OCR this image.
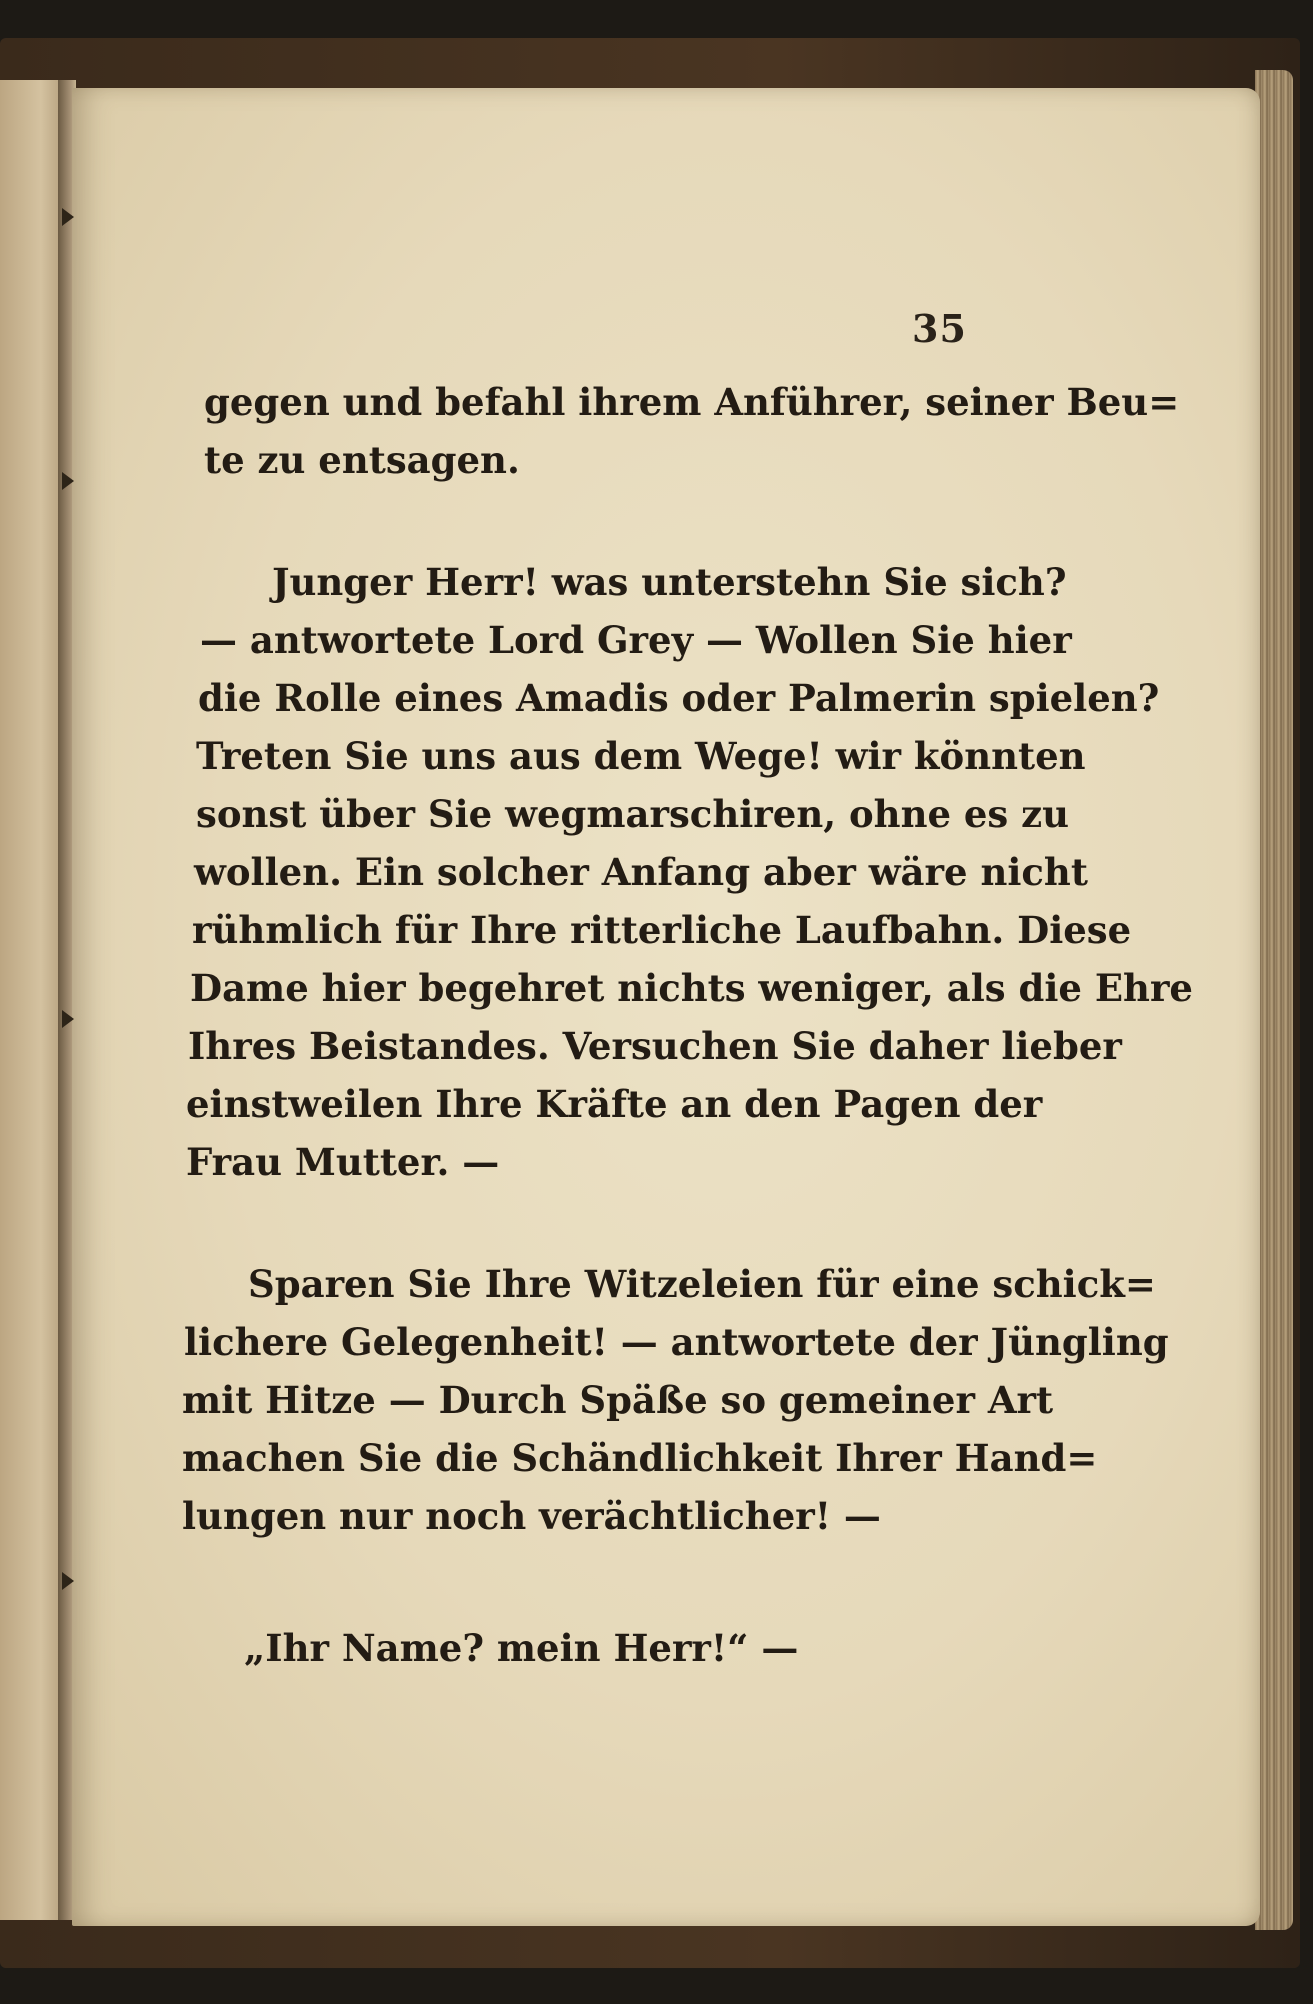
35
gegen und befahl ihrem Anführer, seiner Beu=
te zu entsagen.
Junger Herr! was unterstehn Sie sich?
— antwortete Lord Grey — Wollen Sie hier
die Rolle eines Amadis oder Palmerin spielen?
Treten Sie uns aus dem Wege! wir könnten
sonst über Sie wegmarschiren, ohne es zu
wollen. Ein solcher Anfang aber wäre nicht
rühmlich für Ihre ritterliche Laufbahn. Diese
Dame hier begehret nichts weniger, als die Ehre
Ihres Beistandes. Versuchen Sie daher lieber
einstweilen Ihre Kräfte an den Pagen der
Frau Mutter. —
Sparen Sie Ihre Witzeleien für eine schick=
lichere Gelegenheit! — antwortete der Jüngling
mit Hitze — Durch Späße so gemeiner Art
machen Sie die Schändlichkeit Ihrer Hand=
lungen nur noch verächtlicher! —
„Ihr Name? mein Herr!“ —
